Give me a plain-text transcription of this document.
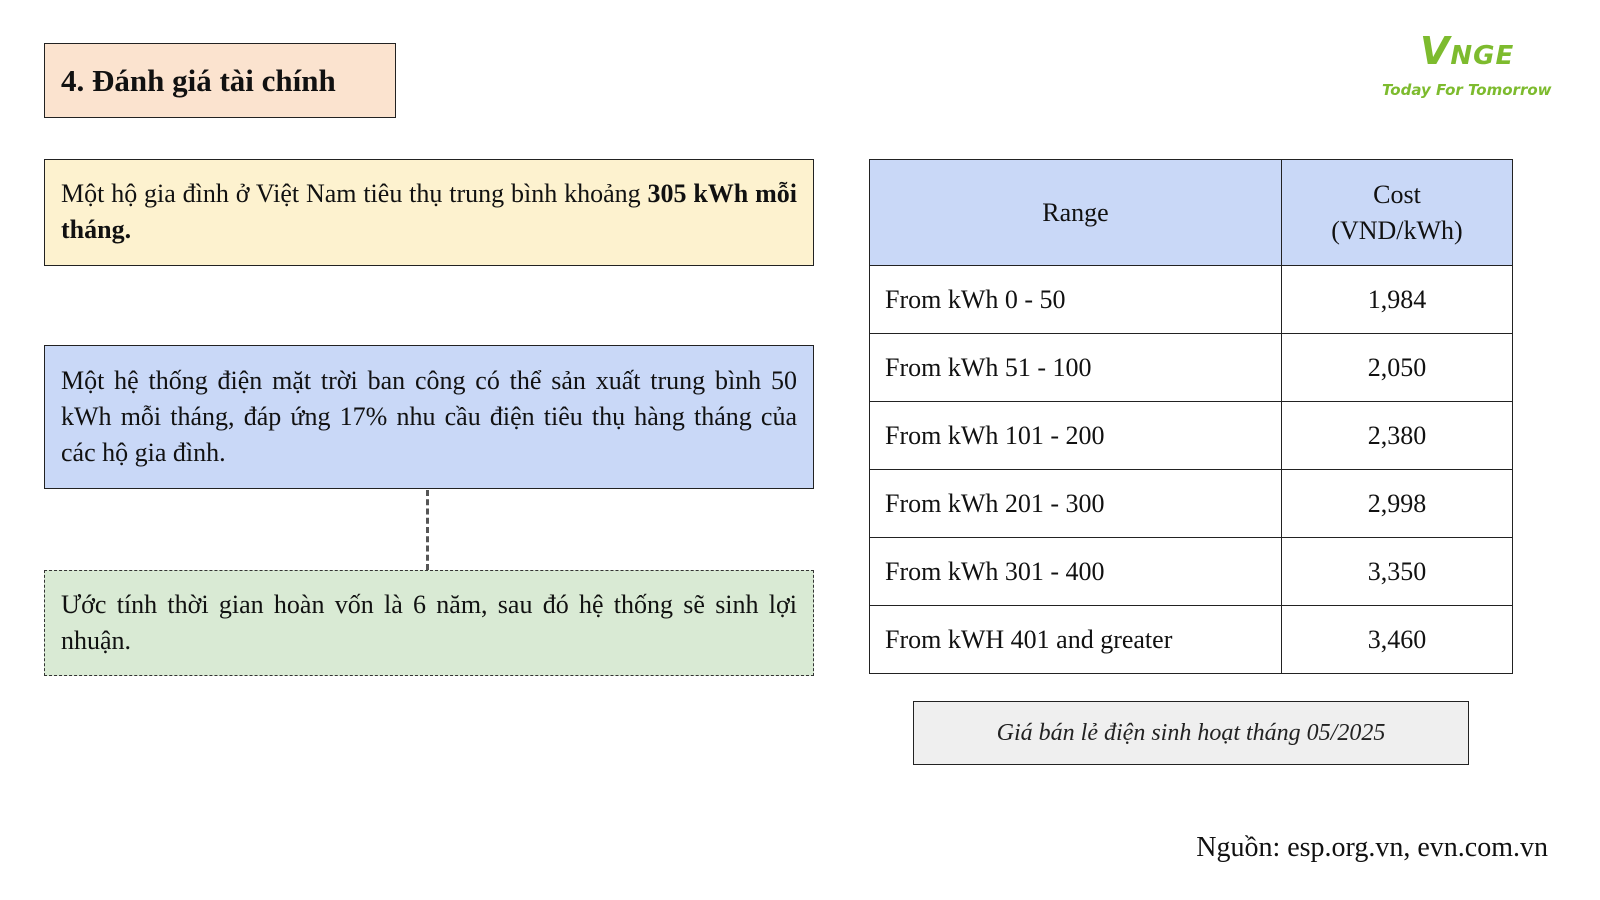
4. Đánh giá tài chính
VNGE
Today For Tomorrow
Một hộ gia đình ở Việt Nam tiêu thụ trung bình khoảng 305 kWh mỗi tháng.
Một hệ thống điện mặt trời ban công có thể sản xuất trung bình 50 kWh mỗi tháng, đáp ứng 17% nhu cầu điện tiêu thụ hàng tháng của các hộ gia đình.
Ước tính thời gian hoàn vốn là 6 năm, sau đó hệ thống sẽ sinh lợi nhuận.
Range	Cost
(VND/kWh)
From kWh 0 - 50	1,984
From kWh 51 - 100	2,050
From kWh 101 - 200	2,380
From kWh 201 - 300	2,998
From kWh 301 - 400	3,350
From kWH 401 and greater	3,460
Giá bán lẻ điện sinh hoạt tháng 05/2025
Nguồn: esp.org.vn, evn.com.vn
